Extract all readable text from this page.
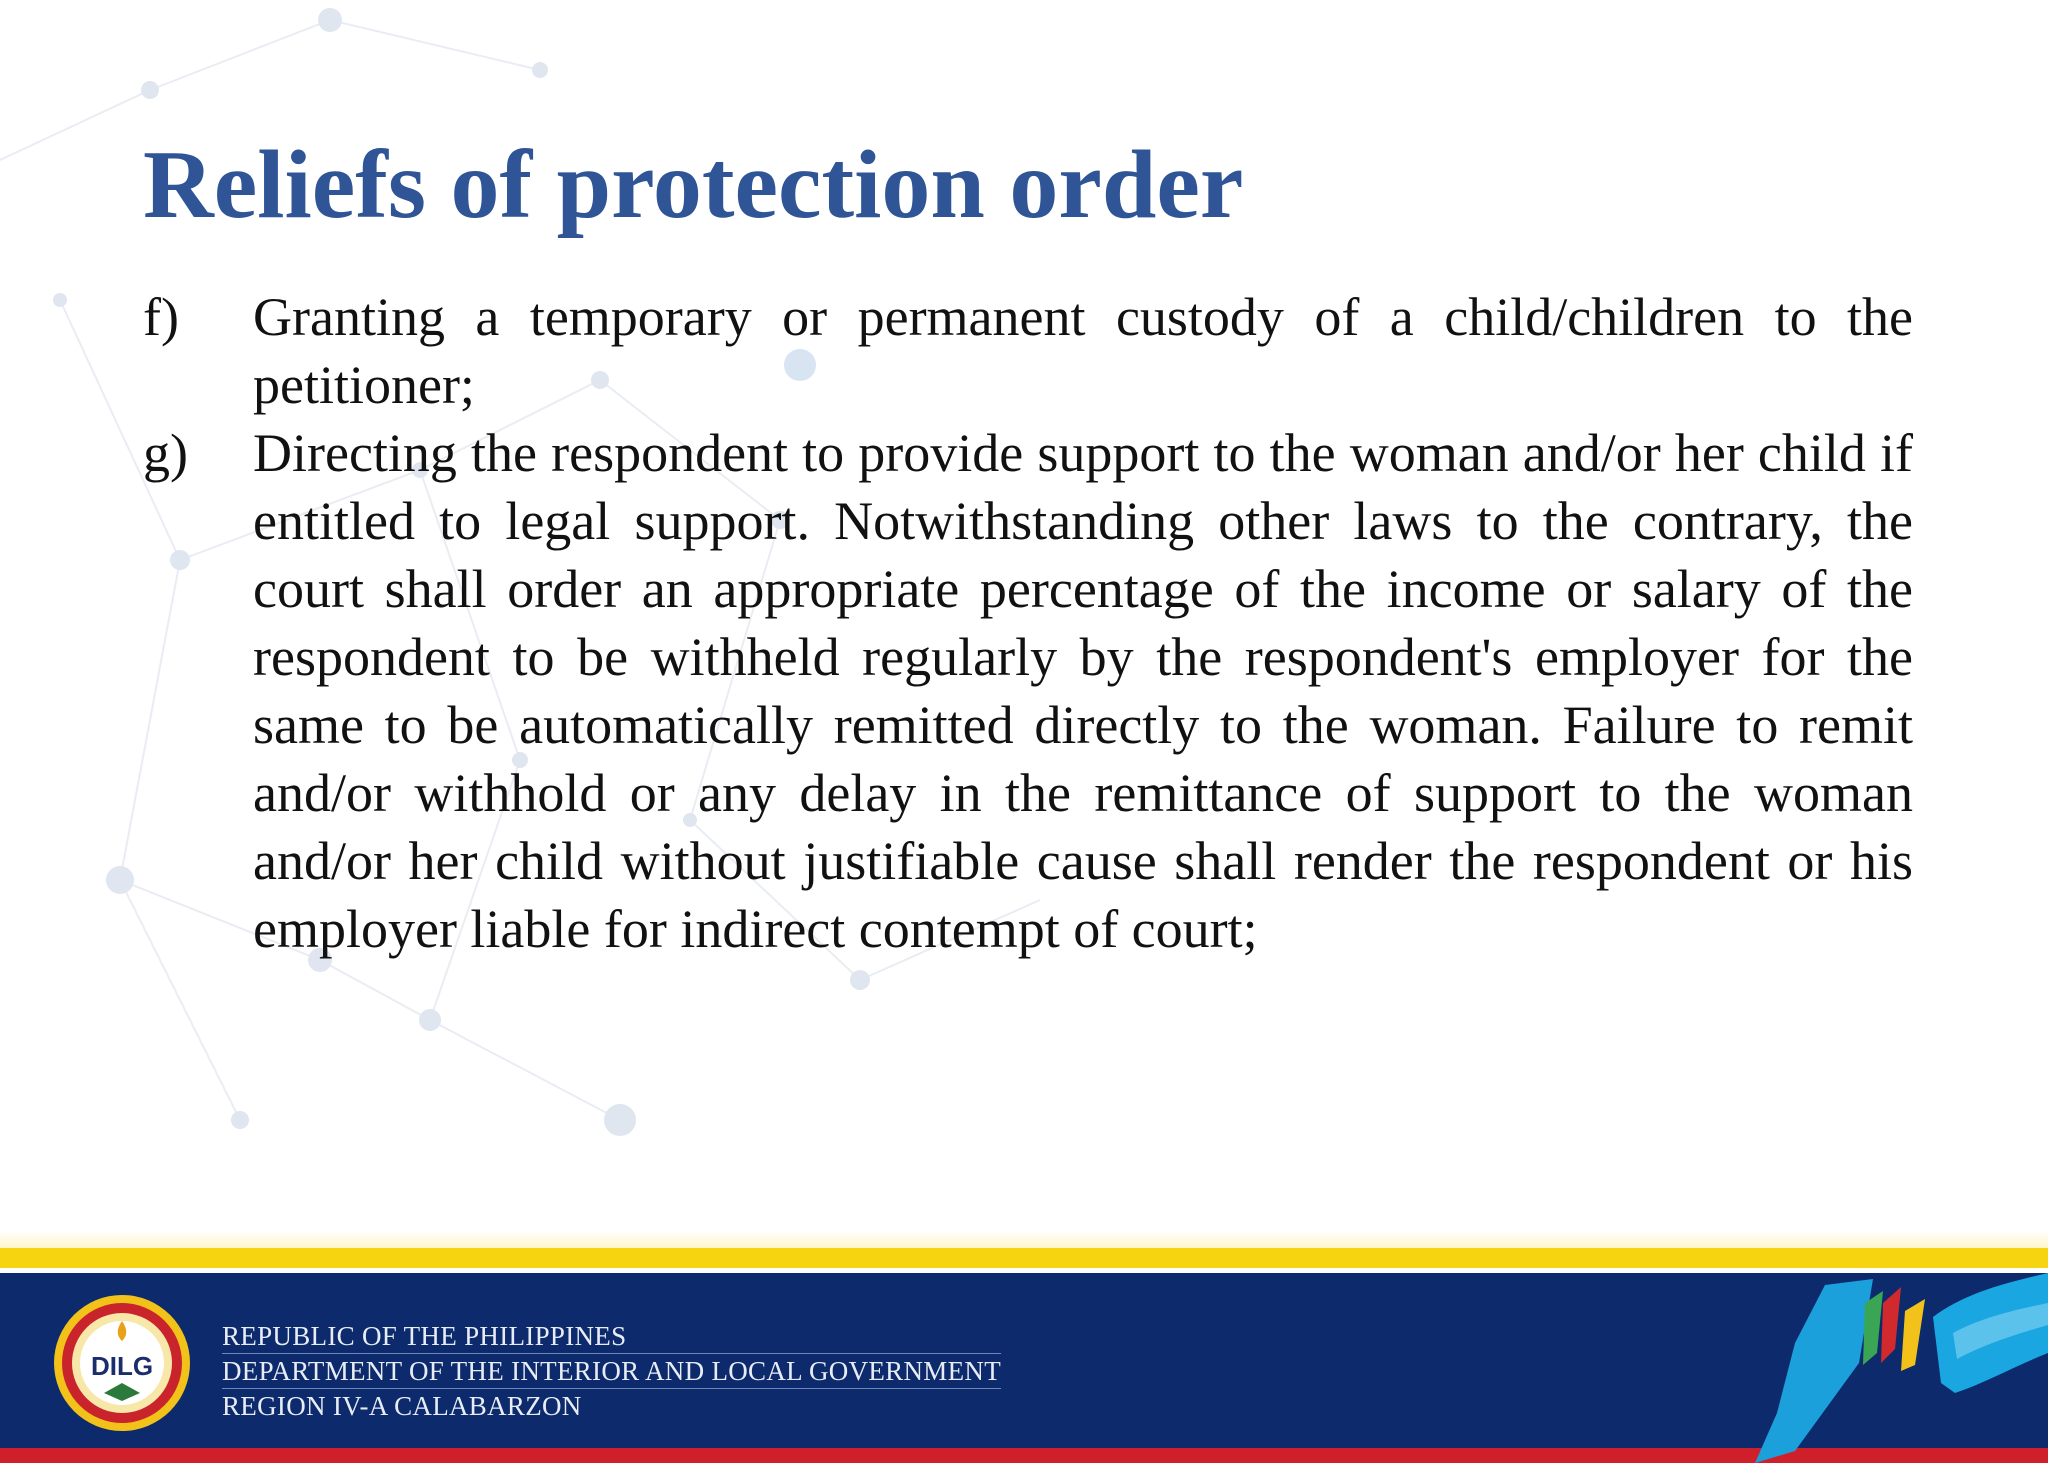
Reliefs of protection order
f)	Granting a temporary or permanent custody of a child/children to the petitioner;
g)	Directing the respondent to provide support to the woman and/or her child if entitled to legal support. Notwithstanding other laws to the contrary, the court shall order an appropriate percentage of the income or salary of the respondent to be withheld regularly by the respondent's employer for the same to be automatically remitted directly to the woman. Failure to remit and/or withhold or any delay in the remittance of support to the woman and/or her child without justifiable cause shall render the respondent or his employer liable for indirect contempt of court;
DILG
REPUBLIC OF THE PHILIPPINES
DEPARTMENT OF THE INTERIOR AND LOCAL GOVERNMENT
REGION IV-A CALABARZON
